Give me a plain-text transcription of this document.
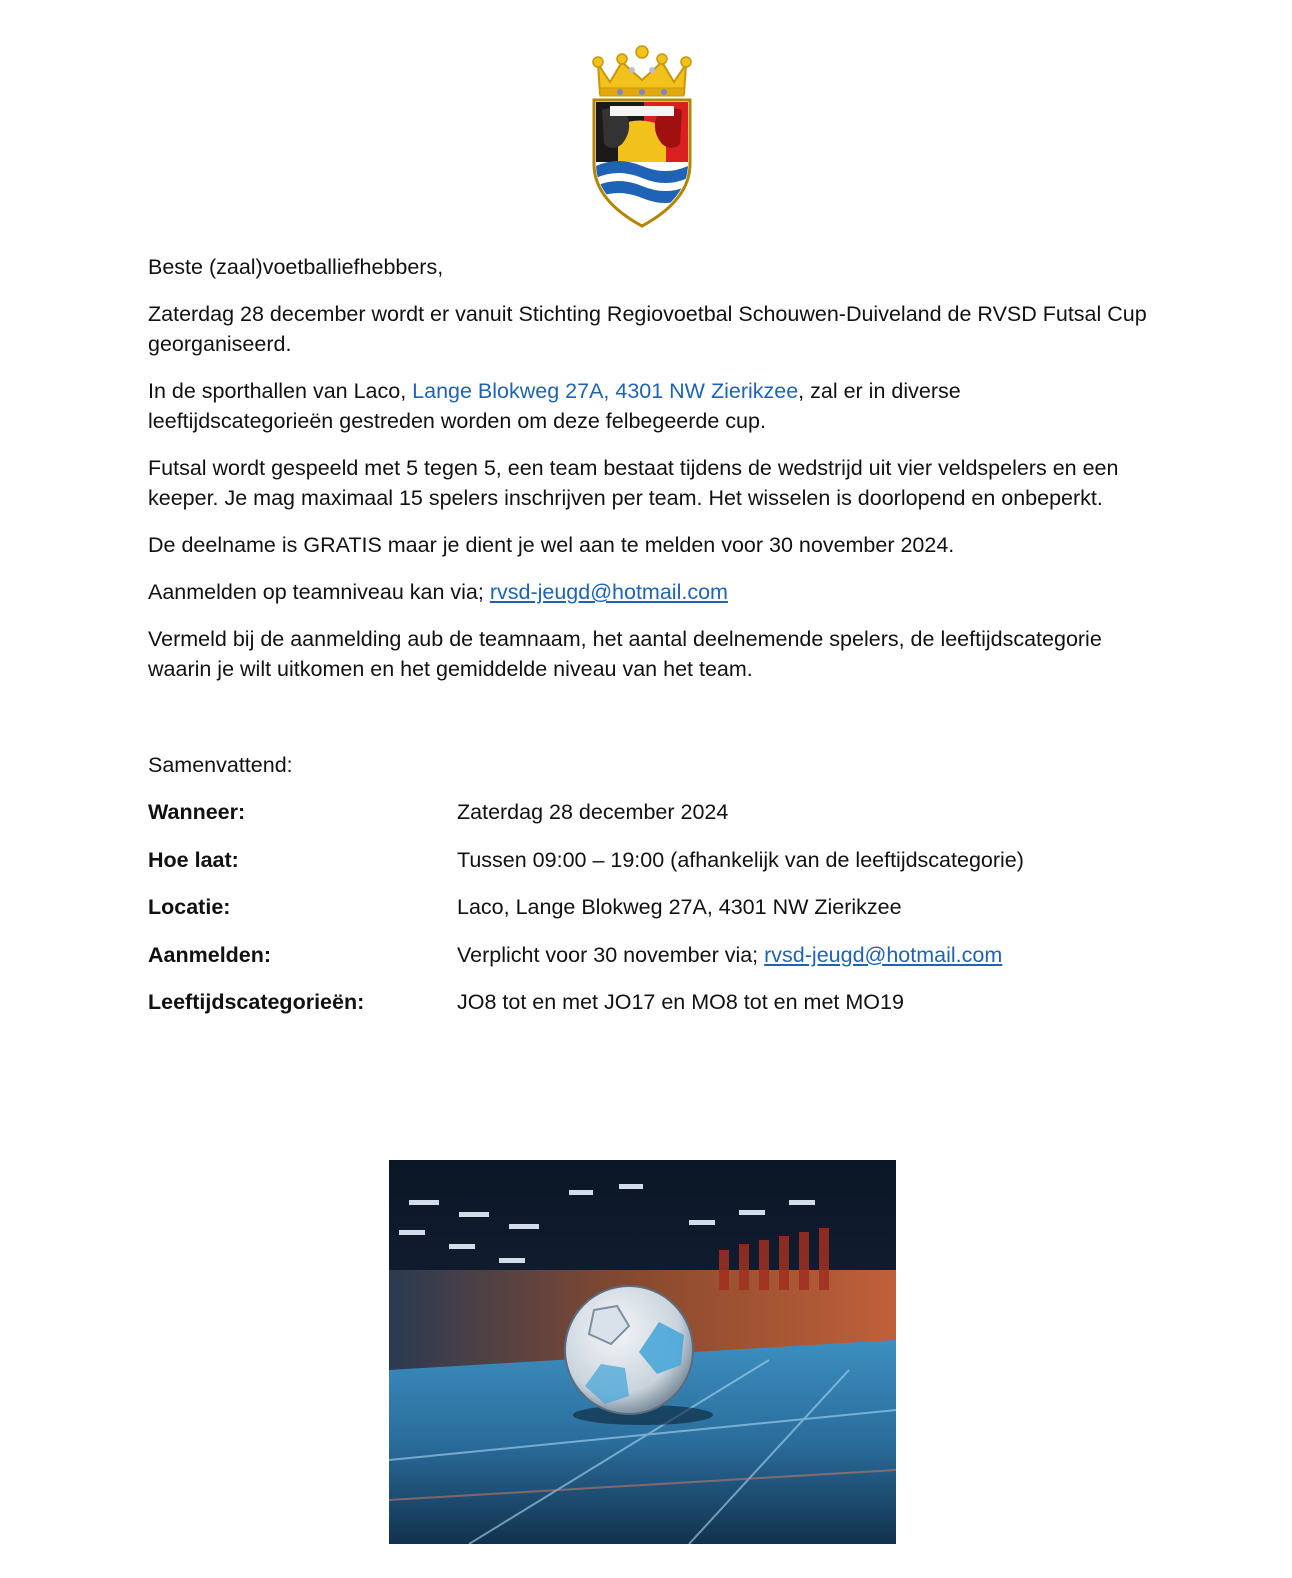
Beste (zaal)voetballiefhebbers,

Zaterdag 28 december wordt er vanuit Stichting Regiovoetbal Schouwen-Duiveland de RVSD Futsal Cup georganiseerd.

In de sporthallen van Laco, Lange Blokweg 27A, 4301 NW Zierikzee, zal er in diverse leeftijdscategorieën gestreden worden om deze felbegeerde cup.

Futsal wordt gespeeld met 5 tegen 5, een team bestaat tijdens de wedstrijd uit vier veldspelers en een keeper. Je mag maximaal 15 spelers inschrijven per team. Het wisselen is doorlopend en onbeperkt.

De deelname is GRATIS maar je dient je wel aan te melden voor 30 november 2024.

Aanmelden op teamniveau kan via; rvsd-jeugd@hotmail.com

Vermeld bij de aanmelding aub de teamnaam, het aantal deelnemende spelers, de leeftijdscategorie waarin je wilt uitkomen en het gemiddelde niveau van het team.

Samenvattend:

Wanneer:	Zaterdag 28 december 2024
Hoe laat:	Tussen 09:00 – 19:00 (afhankelijk van de leeftijdscategorie)
Locatie:	Laco, Lange Blokweg 27A, 4301 NW Zierikzee
Aanmelden:	Verplicht voor 30 november via; rvsd-jeugd@hotmail.com
Leeftijdscategorieën:	JO8 tot en met JO17 en MO8 tot en met MO19
